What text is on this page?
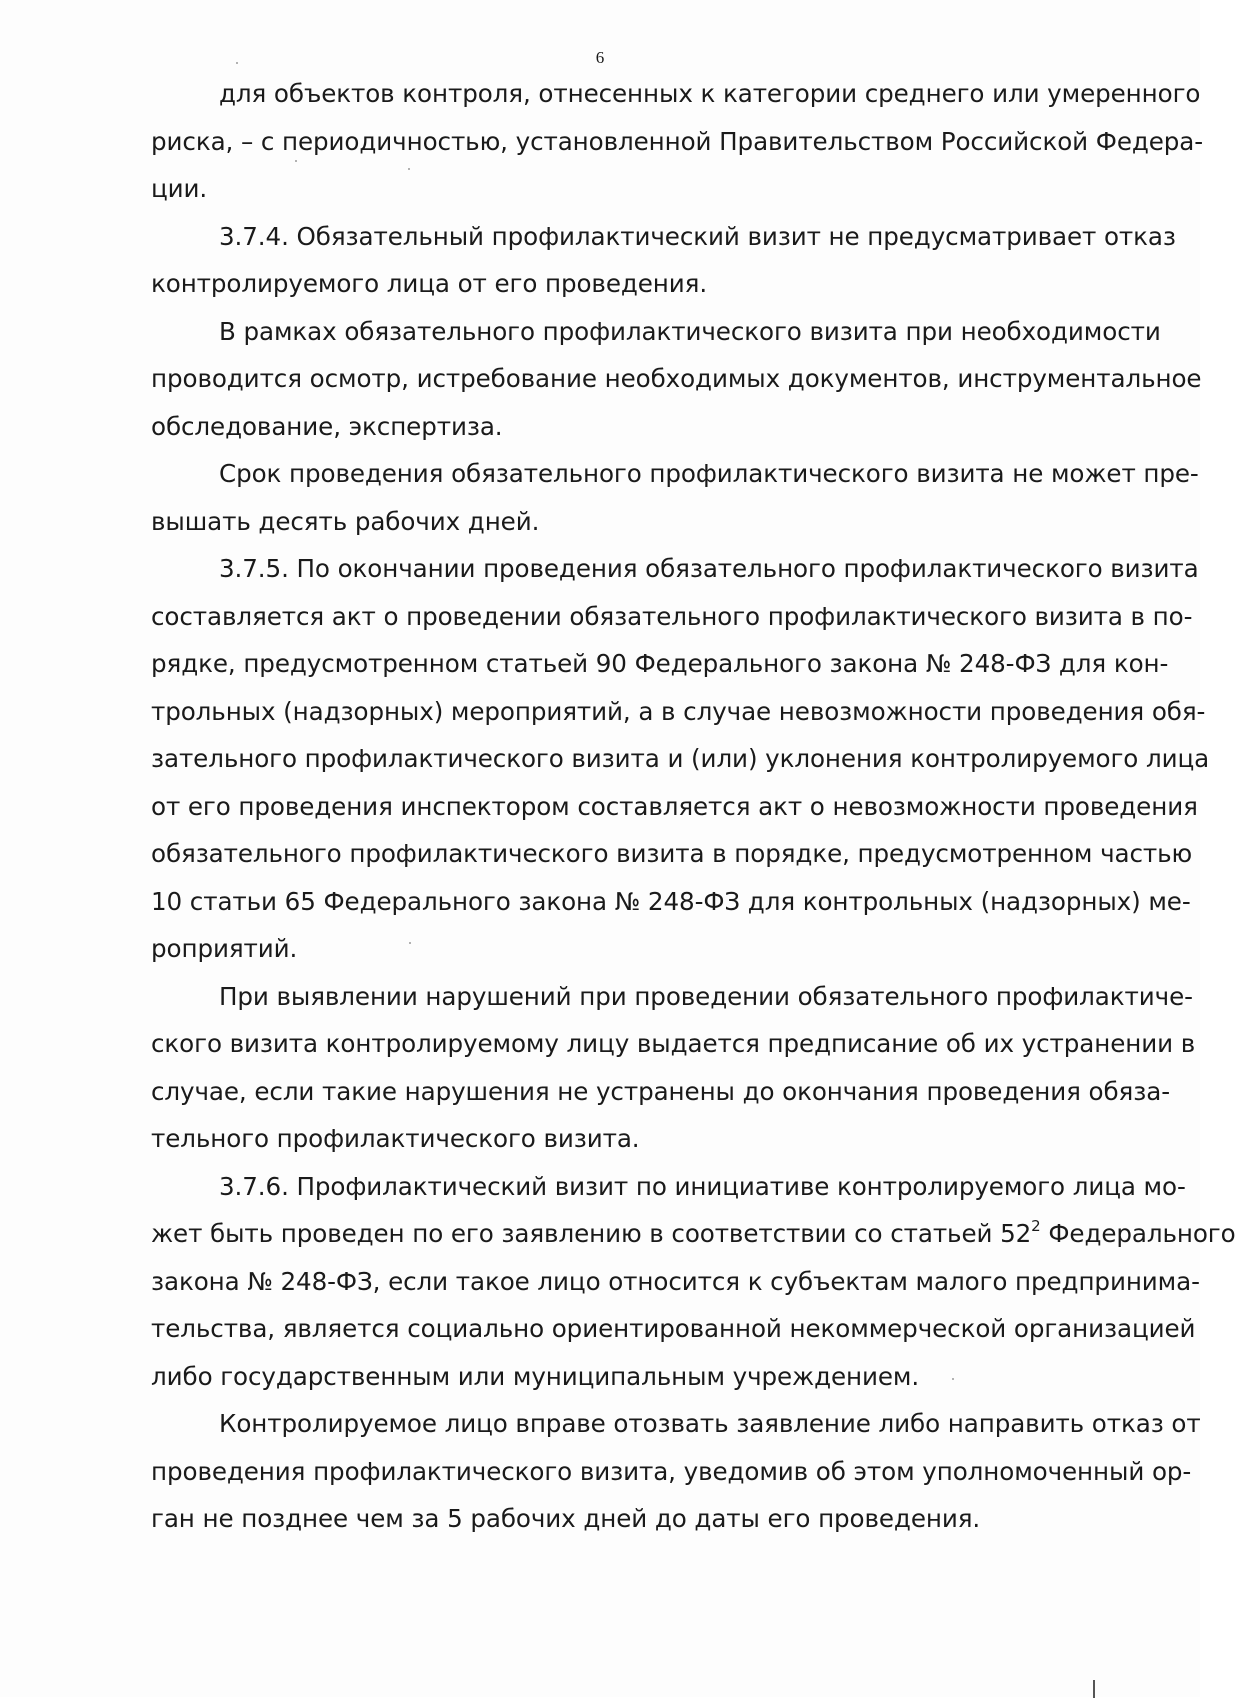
6
для объектов контроля, отнесенных к категории среднего или умеренного
риска, – с периодичностью, установленной Правительством Российской Федера-
ции.
3.7.4. Обязательный профилактический визит не предусматривает отказ
контролируемого лица от его проведения.
В рамках обязательного профилактического визита при необходимости
проводится осмотр, истребование необходимых документов, инструментальное
обследование, экспертиза.
Срок проведения обязательного профилактического визита не может пре-
вышать десять рабочих дней.
3.7.5. По окончании проведения обязательного профилактического визита
составляется акт о проведении обязательного профилактического визита в по-
рядке, предусмотренном статьей 90 Федерального закона № 248-ФЗ для кон-
трольных (надзорных) мероприятий, а в случае невозможности проведения обя-
зательного профилактического визита и (или) уклонения контролируемого лица
от его проведения инспектором составляется акт о невозможности проведения
обязательного профилактического визита в порядке, предусмотренном частью
10 статьи 65 Федерального закона № 248-ФЗ для контрольных (надзорных) ме-
роприятий.
При выявлении нарушений при проведении обязательного профилактиче-
ского визита контролируемому лицу выдается предписание об их устранении в
случае, если такие нарушения не устранены до окончания проведения обяза-
тельного профилактического визита.
3.7.6. Профилактический визит по инициативе контролируемого лица мо-
жет быть проведен по его заявлению в соответствии со статьей $52^2$ Федерального
закона № 248-ФЗ, если такое лицо относится к субъектам малого предпринима-
тельства, является социально ориентированной некоммерческой организацией
либо государственным или муниципальным учреждением.
Контролируемое лицо вправе отозвать заявление либо направить отказ от
проведения профилактического визита, уведомив об этом уполномоченный ор-
ган не позднее чем за 5 рабочих дней до даты его проведения.
